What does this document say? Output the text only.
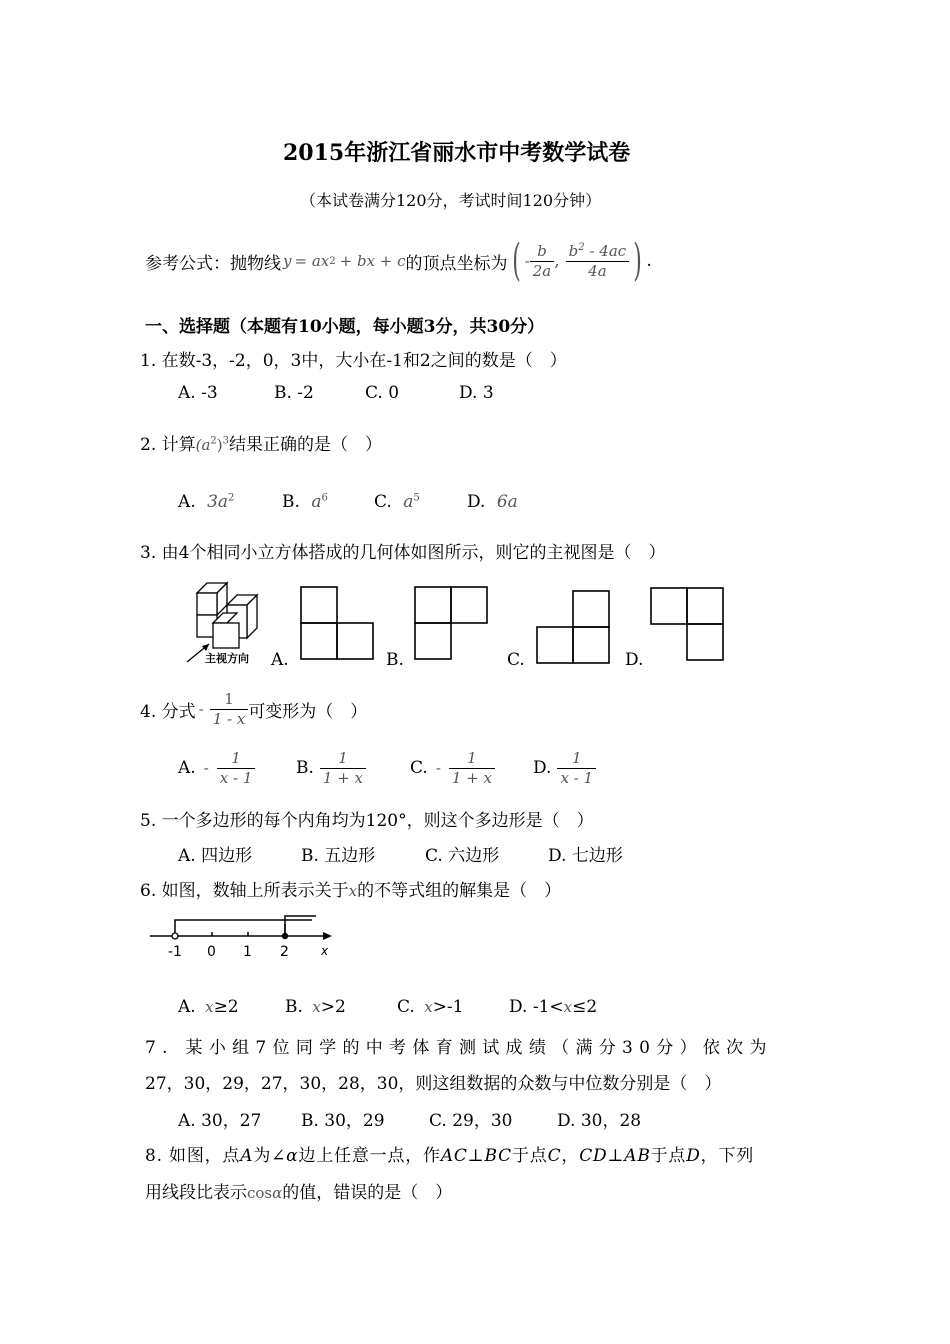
2015年浙江省丽水市中考数学试卷
（本试卷满分120分，考试时间120分钟）
参考公式：抛物线 y = ax 2 + bx + c 的顶点坐标为 ( - $\frac{b}{2a}$ , $\frac{b^2 - 4ac}{4a}$ ) .
一、选择题（本题有10小题，每小题3分，共30分）
1. 在数-3，-2，0，3中，大小在-1和2之间的数是（　）
A. -3	B. -2	C. 0	D. 3
2. 计算$(a^2)^3$结果正确的是（　）
A. $3a^2$	B. $a^6$	C. $a^5$	D. 6a
3. 由4个相同小立方体搭成的几何体如图所示，则它的主视图是（　）
主视方向 A.	B.	C.	D.
4. 分式 - $\frac{1}{1 - x}$ 可变形为（　）
A. - $\frac{1}{x - 1} B$. $\frac{1}{1 + x}$	C. - $\frac{1}{1 + x} D$. $\frac{1}{x - 1}$
5. 一个多边形的每个内角均为120°，则这个多边形是（　）
A. 四边形	B. 五边形	C. 六边形	D. 七边形
6. 如图，数轴上所表示关于x的不等式组的解集是（　）
-1 0 1 2	x
A. x≥2	B. x>2	C. x>-1	D. -1<x≤2
7. 某小组7位同学的中考体育测试成绩（满分30分）依次为
27，30，29，27，30，28，30，则这组数据的众数与中位数分别是（　）
A. 30，27 B. 30，29	C. 29，30	D. 30，28
8. 如图，点A为∠α边上任意一点，作AC⊥BC于点C，CD⊥AB于点D，下列
用线段比表示cosα的值，错误的是（　）
